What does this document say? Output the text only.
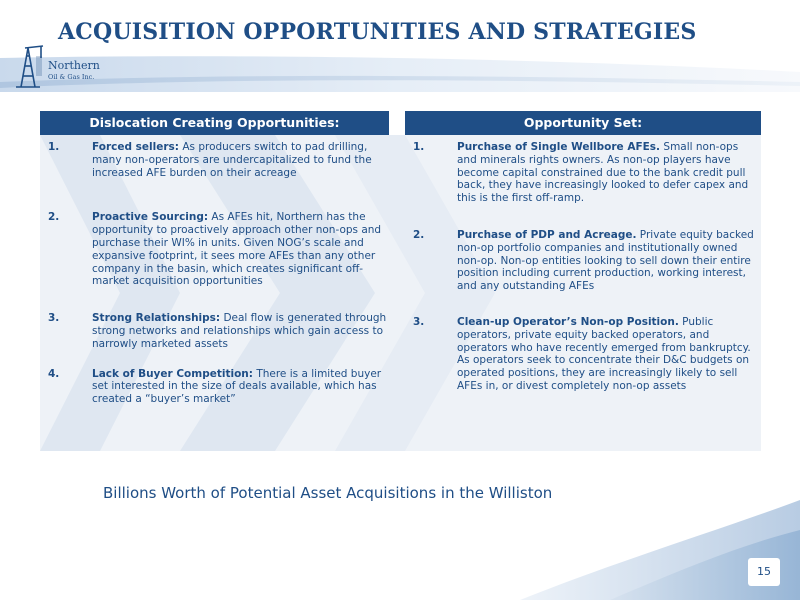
ACQUISITION OPPORTUNITIES AND STRATEGIES
Northern
Oil & Gas Inc.
Dislocation Creating Opportunities:	Opportunity Set:
1.	Forced sellers: As producers switch to pad drilling, many non-operators are undercapitalized to fund the increased AFE burden on their acreage
2.	Proactive Sourcing: As AFEs hit, Northern has the opportunity to proactively approach other non-ops and purchase their WI% in units. Given NOG’s scale and expansive footprint, it sees more AFEs than any other company in the basin, which creates significant off-market acquisition opportunities
3.	Strong Relationships: Deal flow is generated through strong networks and relationships which gain access to narrowly marketed assets
4.	Lack of Buyer Competition: There is a limited buyer set interested in the size of deals available, which has created a “buyer’s market”
1.	Purchase of Single Wellbore AFEs. Small non-ops and minerals rights owners. As non-op players have become capital constrained due to the bank credit pull back, they have increasingly looked to defer capex and this is the first off-ramp.
2.	Purchase of PDP and Acreage. Private equity backed non-op portfolio companies and institutionally owned non-op. Non-op entities looking to sell down their entire position including current production, working interest, and any outstanding AFEs
3.	Clean-up Operator’s Non-op Position. Public operators, private equity backed operators, and operators who have recently emerged from bankruptcy. As operators seek to concentrate their D&C budgets on operated positions, they are increasingly likely to sell AFEs in, or divest completely non-op assets

Billions Worth of Potential Asset Acquisitions in the Williston

15
